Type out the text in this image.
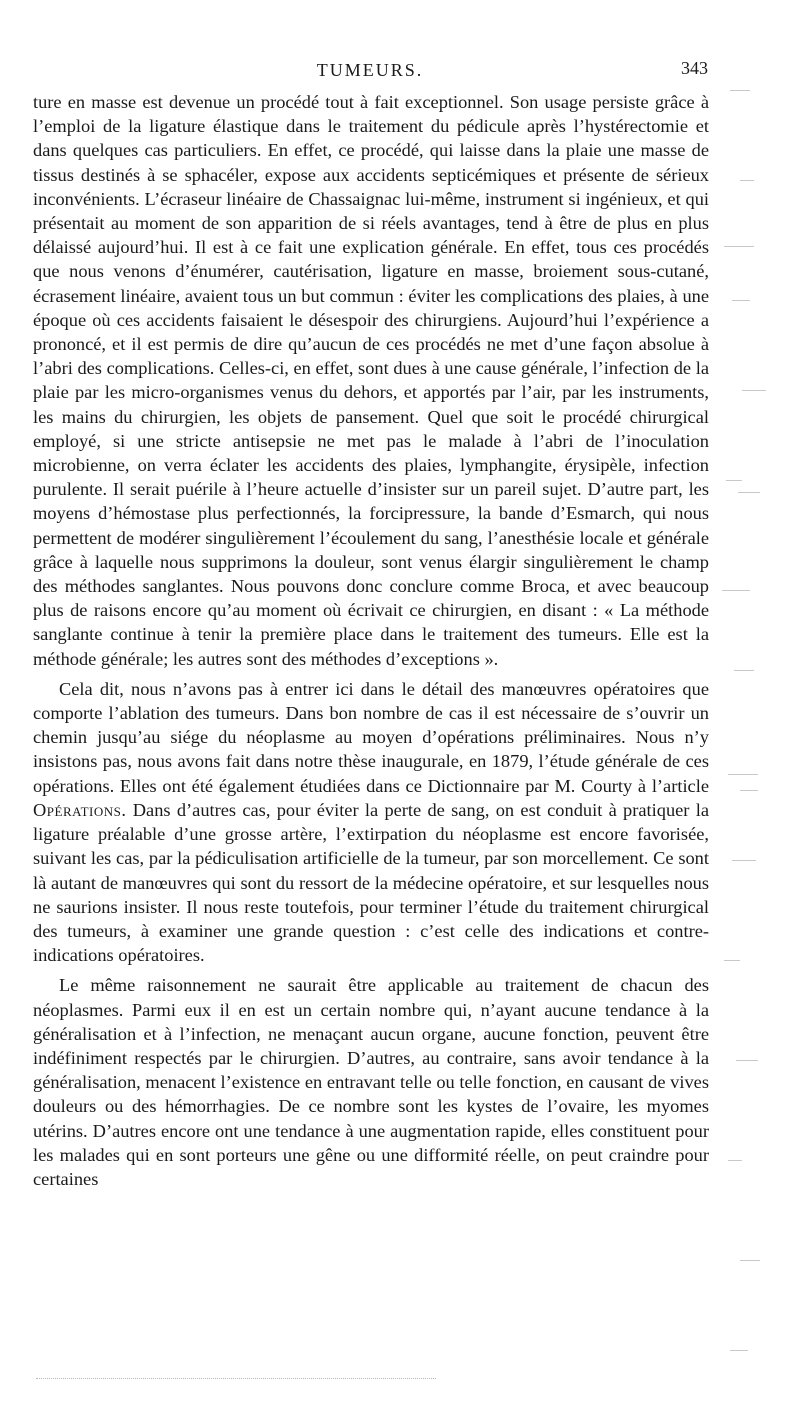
TUMEURS.	343

ture en masse est devenue un procédé tout à fait exceptionnel. Son usage persiste grâce à l’emploi de la ligature élastique dans le traitement du pédicule après l’hystérectomie et dans quelques cas particuliers. En effet, ce procédé, qui laisse dans la plaie une masse de tissus destinés à se sphacéler, expose aux accidents septicémiques et présente de sérieux inconvénients. L’écraseur linéaire de Chassaignac lui-même, instrument si ingénieux, et qui présentait au moment de son apparition de si réels avantages, tend à être de plus en plus délaissé aujourd’hui. Il est à ce fait une explication générale. En effet, tous ces procédés que nous venons d’énumérer, cautérisation, ligature en masse, broiement sous-cutané, écrasement linéaire, avaient tous un but commun : éviter les complications des plaies, à une époque où ces accidents faisaient le désespoir des chirurgiens. Aujourd’hui l’expérience a prononcé, et il est permis de dire qu’aucun de ces procédés ne met d’une façon absolue à l’abri des complications. Celles-ci, en effet, sont dues à une cause générale, l’infection de la plaie par les micro-organismes venus du dehors, et apportés par l’air, par les instruments, les mains du chirurgien, les objets de pansement. Quel que soit le procédé chirurgical employé, si une stricte antisepsie ne met pas le malade à l’abri de l’inoculation microbienne, on verra éclater les accidents des plaies, lymphangite, érysipèle, infection purulente. Il serait puérile à l’heure actuelle d’insister sur un pareil sujet. D’autre part, les moyens d’hémostase plus perfectionnés, la forcipressure, la bande d’Esmarch, qui nous permettent de modérer singulièrement l’écoulement du sang, l’anesthésie locale et générale grâce à laquelle nous supprimons la douleur, sont venus élargir singulièrement le champ des méthodes sanglantes. Nous pouvons donc conclure comme Broca, et avec beaucoup plus de raisons encore qu’au moment où écrivait ce chirurgien, en disant : « La méthode sanglante continue à tenir la première place dans le traitement des tumeurs. Elle est la méthode générale; les autres sont des méthodes d’exceptions ».

Cela dit, nous n’avons pas à entrer ici dans le détail des manœuvres opératoires que comporte l’ablation des tumeurs. Dans bon nombre de cas il est nécessaire de s’ouvrir un chemin jusqu’au siége du néoplasme au moyen d’opérations préliminaires. Nous n’y insistons pas, nous avons fait dans notre thèse inaugurale, en 1879, l’étude générale de ces opérations. Elles ont été également étudiées dans ce Dictionnaire par M. Courty à l’article Opérations. Dans d’autres cas, pour éviter la perte de sang, on est conduit à pratiquer la ligature préalable d’une grosse artère, l’extirpation du néoplasme est encore favorisée, suivant les cas, par la pédiculisation artificielle de la tumeur, par son morcellement. Ce sont là autant de manœuvres qui sont du ressort de la médecine opératoire, et sur lesquelles nous ne saurions insister. Il nous reste toutefois, pour terminer l’étude du traitement chirurgical des tumeurs, à examiner une grande question : c’est celle des indications et contre-indications opératoires.

Le même raisonnement ne saurait être applicable au traitement de chacun des néoplasmes. Parmi eux il en est un certain nombre qui, n’ayant aucune tendance à la généralisation et à l’infection, ne menaçant aucun organe, aucune fonction, peuvent être indéfiniment respectés par le chirurgien. D’autres, au contraire, sans avoir tendance à la généralisation, menacent l’existence en entravant telle ou telle fonction, en causant de vives douleurs ou des hémorrhagies. De ce nombre sont les kystes de l’ovaire, les myomes utérins. D’autres encore ont une tendance à une augmentation rapide, elles constituent pour les malades qui en sont porteurs une gêne ou une difformité réelle, on peut craindre pour certaines
